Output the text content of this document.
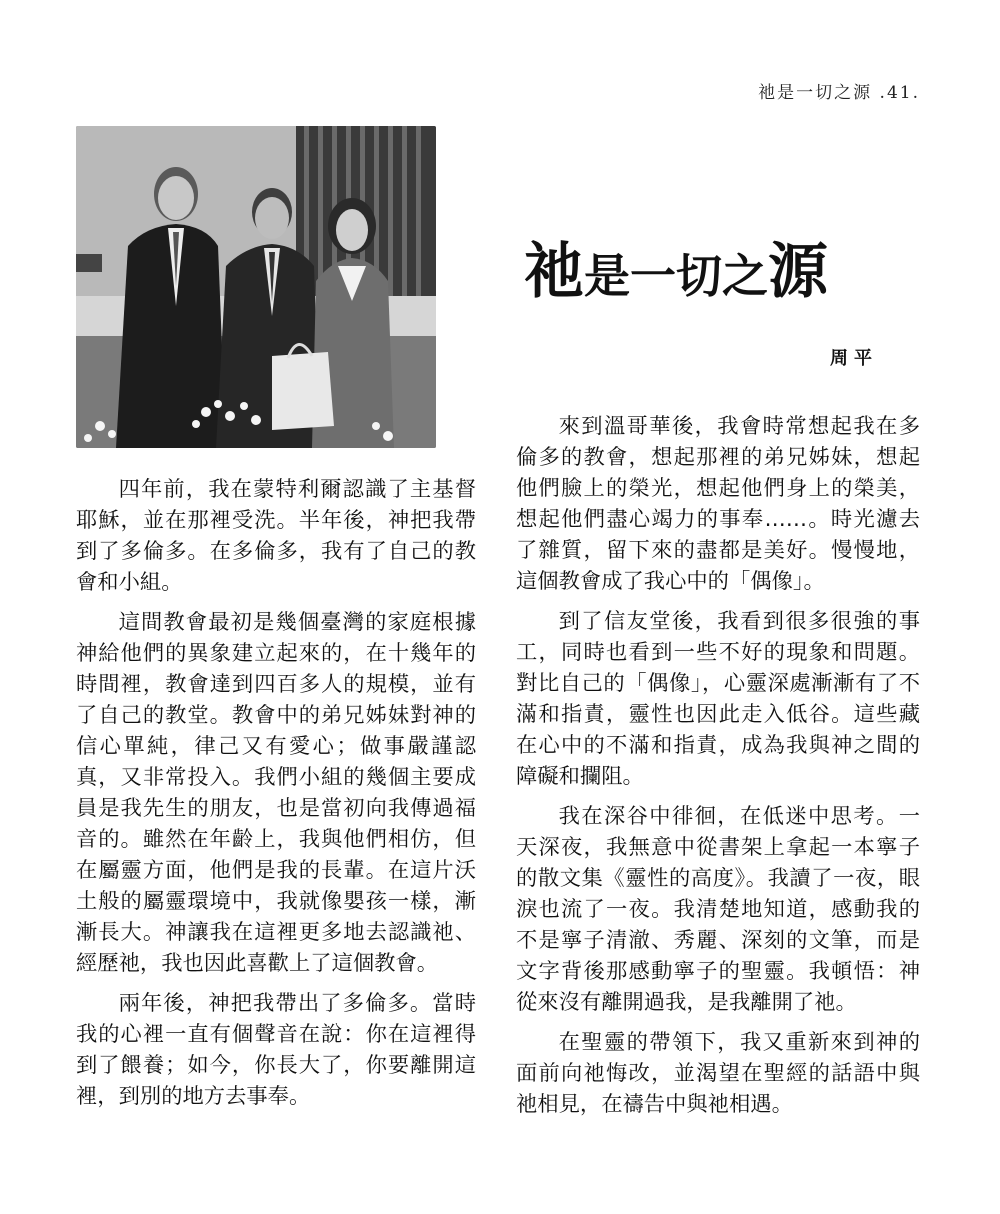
祂是一切之源 .41.
祂是一切之源
周平

四年前，我在蒙特利爾認識了主基督耶穌，並在那裡受洗。半年後，神把我帶到了多倫多。在多倫多，我有了自己的教會和小組。

這間教會最初是幾個臺灣的家庭根據神給他們的異象建立起來的，在十幾年的時間裡，教會達到四百多人的規模，並有了自己的教堂。教會中的弟兄姊妹對神的信心單純，律己又有愛心；做事嚴謹認真，又非常投入。我們小組的幾個主要成員是我先生的朋友，也是當初向我傳過福音的。雖然在年齡上，我與他們相仿，但在屬靈方面，他們是我的長輩。在這片沃土般的屬靈環境中，我就像嬰孩一樣，漸漸長大。神讓我在這裡更多地去認識祂、經歷祂，我也因此喜歡上了這個教會。

兩年後，神把我帶出了多倫多。當時我的心裡一直有個聲音在說：你在這裡得到了餵養；如今，你長大了，你要離開這裡，到別的地方去事奉。

來到溫哥華後，我會時常想起我在多倫多的教會，想起那裡的弟兄姊妹，想起他們臉上的榮光，想起他們身上的榮美，想起他們盡心竭力的事奉……。時光濾去了雜質，留下來的盡都是美好。慢慢地，這個教會成了我心中的「偶像」。

到了信友堂後，我看到很多很強的事工，同時也看到一些不好的現象和問題。對比自己的「偶像」，心靈深處漸漸有了不滿和指責，靈性也因此走入低谷。這些藏在心中的不滿和指責，成為我與神之間的障礙和攔阻。

我在深谷中徘徊，在低迷中思考。一天深夜，我無意中從書架上拿起一本寧子的散文集《靈性的高度》。我讀了一夜，眼淚也流了一夜。我清楚地知道，感動我的不是寧子清澈、秀麗、深刻的文筆，而是文字背後那感動寧子的聖靈。我頓悟：神從來沒有離開過我，是我離開了祂。

在聖靈的帶領下，我又重新來到神的面前向祂悔改，並渴望在聖經的話語中與祂相見，在禱告中與祂相遇。
